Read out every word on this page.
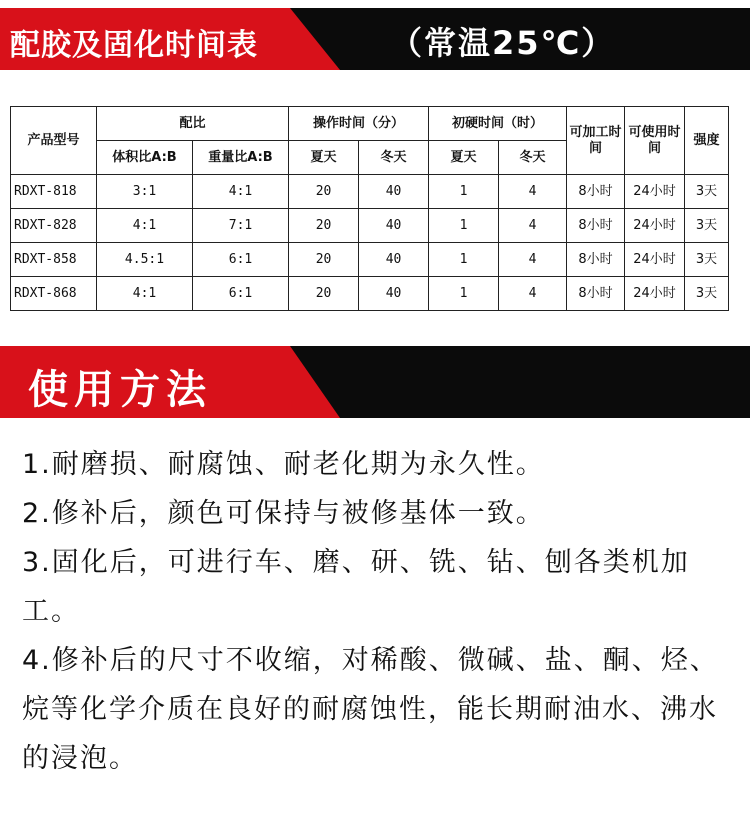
配胶及固化时间表	（常温25℃）
产品型号	配比		操作时间（分）		初硬时间（时）		可加工时间	可使用时间	强度
	体积比A:B	重量比A:B	夏天	冬天	夏天	冬天			
RDXT-818	3:1	4:1	20	40	1	4	8小时	24小时	3天
RDXT-828	4:1	7:1	20	40	1	4	8小时	24小时	3天
RDXT-858	4.5:1	6:1	20	40	1	4	8小时	24小时	3天
RDXT-868	4:1	6:1	20	40	1	4	8小时	24小时	3天
使用方法

1.耐磨损、耐腐蚀、耐老化期为永久性。

2.修补后，颜色可保持与被修基体一致。

3.固化后，可进行车、磨、研、铣、钻、刨各类机加工。

4.修补后的尺寸不收缩，对稀酸、微碱、盐、酮、烃、烷等化学介质在良好的耐腐蚀性，能长期耐油水、沸水的浸泡。
